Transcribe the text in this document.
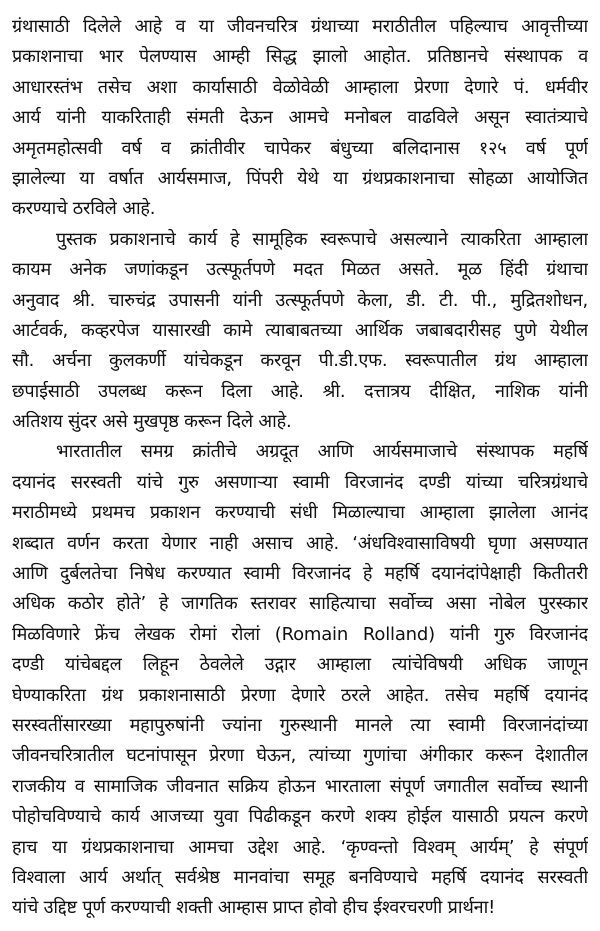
ग्रंथासाठी दिलेले आहे व या जीवनचरित्र ग्रंथाच्या मराठीतील पहिल्याच आवृत्तीच्या
प्रकाशनाचा भार पेलण्यास आम्ही सिद्ध झालो आहोत. प्रतिष्ठानचे संस्थापक व
आधारस्तंभ तसेच अशा कार्यासाठी वेळोवेळी आम्हाला प्रेरणा देणारे पं. धर्मवीर
आर्य यांनी याकरिताही संमती देऊन आमचे मनोबल वाढविले असून स्वातंत्र्याचे
अमृतमहोत्सवी वर्ष व क्रांतीवीर चापेकर बंधुच्या बलिदानास १२५ वर्ष पूर्ण
झालेल्या या वर्षात आर्यसमाज, पिंपरी येथे या ग्रंथप्रकाशनाचा सोहळा आयोजित
करण्याचे ठरविले आहे.
पुस्तक प्रकाशनाचे कार्य हे सामूहिक स्वरूपाचे असल्याने त्याकरिता आम्हाला
कायम अनेक जणांकडून उत्स्फूर्तपणे मदत मिळत असते. मूळ हिंदी ग्रंथाचा
अनुवाद श्री. चारुचंद्र उपासनी यांनी उत्स्फूर्तपणे केला, डी. टी. पी., मुद्रितशोधन,
आर्टवर्क, कव्हरपेज यासारखी कामे त्याबाबतच्या आर्थिक जबाबदारीसह पुणे येथील
सौ. अर्चना कुलकर्णी यांचेकडून करवून पी.डी.एफ. स्वरूपातील ग्रंथ आम्हाला
छपाईसाठी उपलब्ध करून दिला आहे. श्री. दत्तात्रय दीक्षित, नाशिक यांनी
अतिशय सुंदर असे मुखपृष्ठ करून दिले आहे.
भारतातील समग्र क्रांतीचे अग्रदूत आणि आर्यसमाजाचे संस्थापक महर्षि
दयानंद सरस्वती यांचे गुरु असणाऱ्या स्वामी विरजानंद दण्डी यांच्या चरित्रग्रंथाचे
मराठीमध्ये प्रथमच प्रकाशन करण्याची संधी मिळाल्याचा आम्हाला झालेला आनंद
शब्दात वर्णन करता येणार नाही असाच आहे. ‘अंधविश्वासाविषयी घृणा असण्यात
आणि दुर्बलतेचा निषेध करण्यात स्वामी विरजानंद हे महर्षि दयानंदांपेक्षाही कितीतरी
अधिक कठोर होते’ हे जागतिक स्तरावर साहित्याचा सर्वोच्च असा नोबेल पुरस्कार
मिळविणारे फ्रेंच लेखक रोमां रोलां (Romain Rolland) यांनी गुरु विरजानंद
दण्डी यांचेबद्दल लिहून ठेवलेले उद्गार आम्हाला त्यांचेविषयी अधिक जाणून
घेण्याकरिता ग्रंथ प्रकाशनासाठी प्रेरणा देणारे ठरले आहेत. तसेच महर्षि दयानंद
सरस्वतींसारख्या महापुरुषांनी ज्यांना गुरुस्थानी मानले त्या स्वामी विरजानंदांच्या
जीवनचरित्रातील घटनांपासून प्रेरणा घेऊन, त्यांच्या गुणांचा अंगीकार करून देशातील
राजकीय व सामाजिक जीवनात सक्रिय होऊन भारताला संपूर्ण जगातील सर्वोच्च स्थानी
पोहोचविण्याचे कार्य आजच्या युवा पिढीकडून करणे शक्य होईल यासाठी प्रयत्न करणे
हाच या ग्रंथप्रकाशनाचा आमचा उद्देश आहे. ‘कृण्वन्तो विश्वम् आर्यम्’ हे संपूर्ण
विश्वाला आर्य अर्थात् सर्वश्रेष्ठ मानवांचा समूह बनविण्याचे महर्षि दयानंद सरस्वती
यांचे उद्दिष्ट पूर्ण करण्याची शक्ती आम्हास प्राप्त होवो हीच ईश्वरचरणी प्रार्थना!
